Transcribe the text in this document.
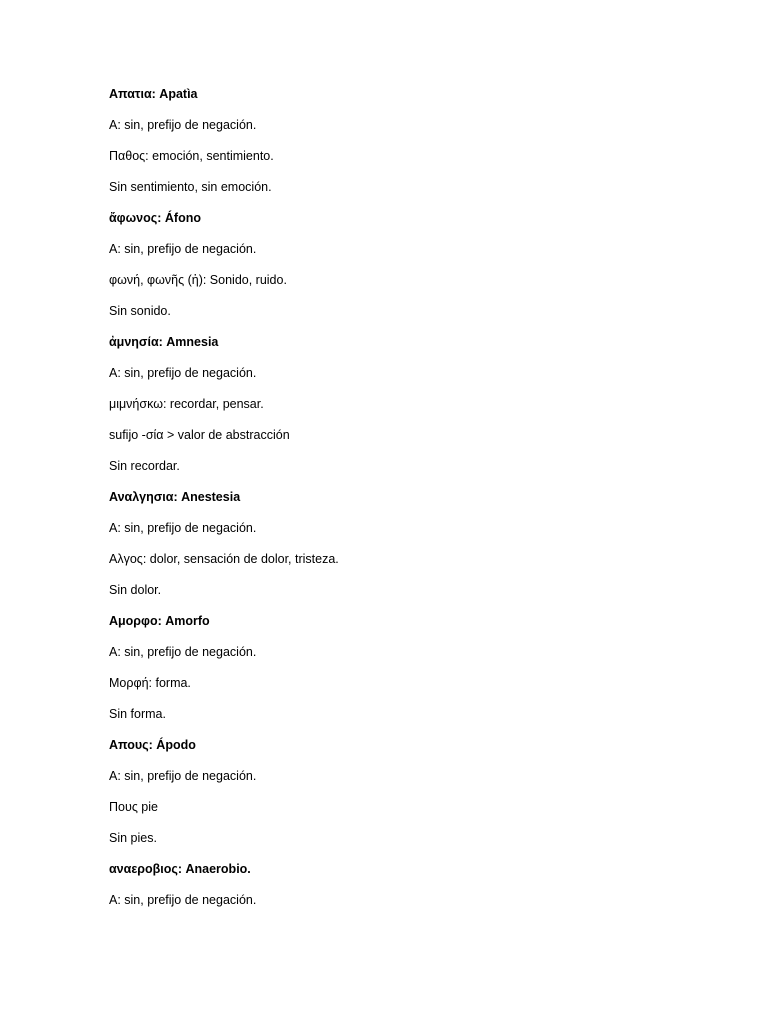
Απατια: Apatìa
A: sin, prefijo de negación.
Παθος: emoción, sentimiento.
Sin sentimiento, sin emoción.
ἄφωνος: Áfono
A: sin, prefijo de negación.
φωνή, φωνῆς (ἡ): Sonido, ruido.
Sin sonido.
ἀμνησία: Amnesia
A: sin, prefijo de negación.
μιμνήσκω: recordar, pensar.
sufijo -σία > valor de abstracción
Sin recordar.
Αναλγησια: Anestesia
A: sin, prefijo de negación.
Αλγος: dolor, sensación de dolor, tristeza.
Sin dolor.
Αμορφο: Amorfo
A: sin, prefijo de negación.
Μορφή: forma.
Sin forma.
Απους: Ápodo
A: sin, prefijo de negación.
Πους pie
Sin pies.
αναεροβιος: Anaerobio.
A: sin, prefijo de negación.
